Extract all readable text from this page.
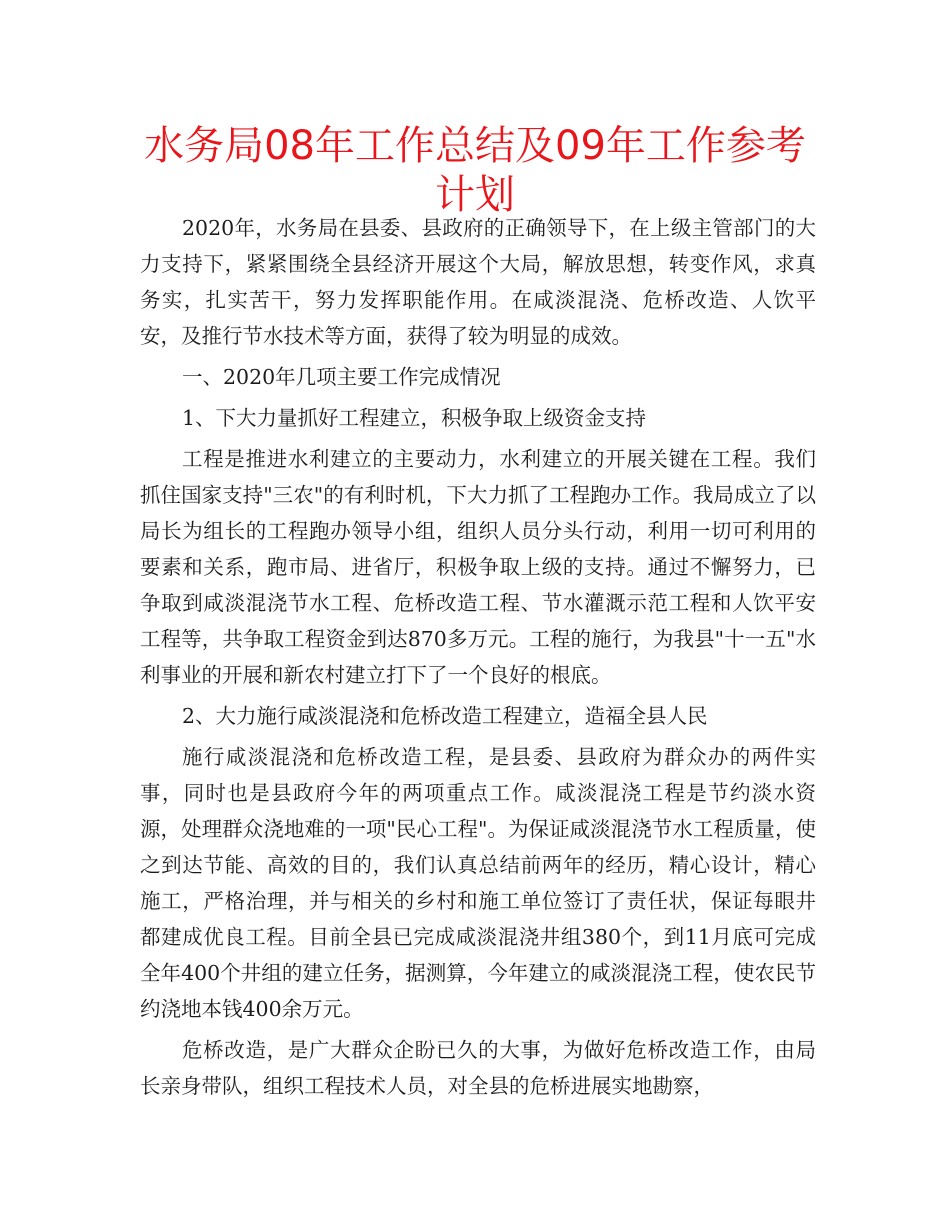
水务局08年工作总结及09年工作参考计划

2020年，水务局在县委、县政府的正确领导下，在上级主管部门的大力支持下，紧紧围绕全县经济开展这个大局，解放思想，转变作风，求真务实，扎实苦干，努力发挥职能作用。在咸淡混浇、危桥改造、人饮平安，及推行节水技术等方面，获得了较为明显的成效。

一、2020年几项主要工作完成情况

1、下大力量抓好工程建立，积极争取上级资金支持

工程是推进水利建立的主要动力，水利建立的开展关键在工程。我们抓住国家支持"三农"的有利时机，下大力抓了工程跑办工作。我局成立了以局长为组长的工程跑办领导小组，组织人员分头行动，利用一切可利用的要素和关系，跑市局、进省厅，积极争取上级的支持。通过不懈努力，已争取到咸淡混浇节水工程、危桥改造工程、节水灌溉示范工程和人饮平安工程等，共争取工程资金到达870多万元。工程的施行，为我县"十一五"水利事业的开展和新农村建立打下了一个良好的根底。

2、大力施行咸淡混浇和危桥改造工程建立，造福全县人民

施行咸淡混浇和危桥改造工程，是县委、县政府为群众办的两件实事，同时也是县政府今年的两项重点工作。咸淡混浇工程是节约淡水资源，处理群众浇地难的一项"民心工程"。为保证咸淡混浇节水工程质量，使之到达节能、高效的目的，我们认真总结前两年的经历，精心设计，精心施工，严格治理，并与相关的乡村和施工单位签订了责任状，保证每眼井都建成优良工程。目前全县已完成咸淡混浇井组380个，到11月底可完成全年400个井组的建立任务，据测算，今年建立的咸淡混浇工程，使农民节约浇地本钱400余万元。

危桥改造，是广大群众企盼已久的大事，为做好危桥改造工作，由局长亲身带队，组织工程技术人员，对全县的危桥进展实地勘察，
